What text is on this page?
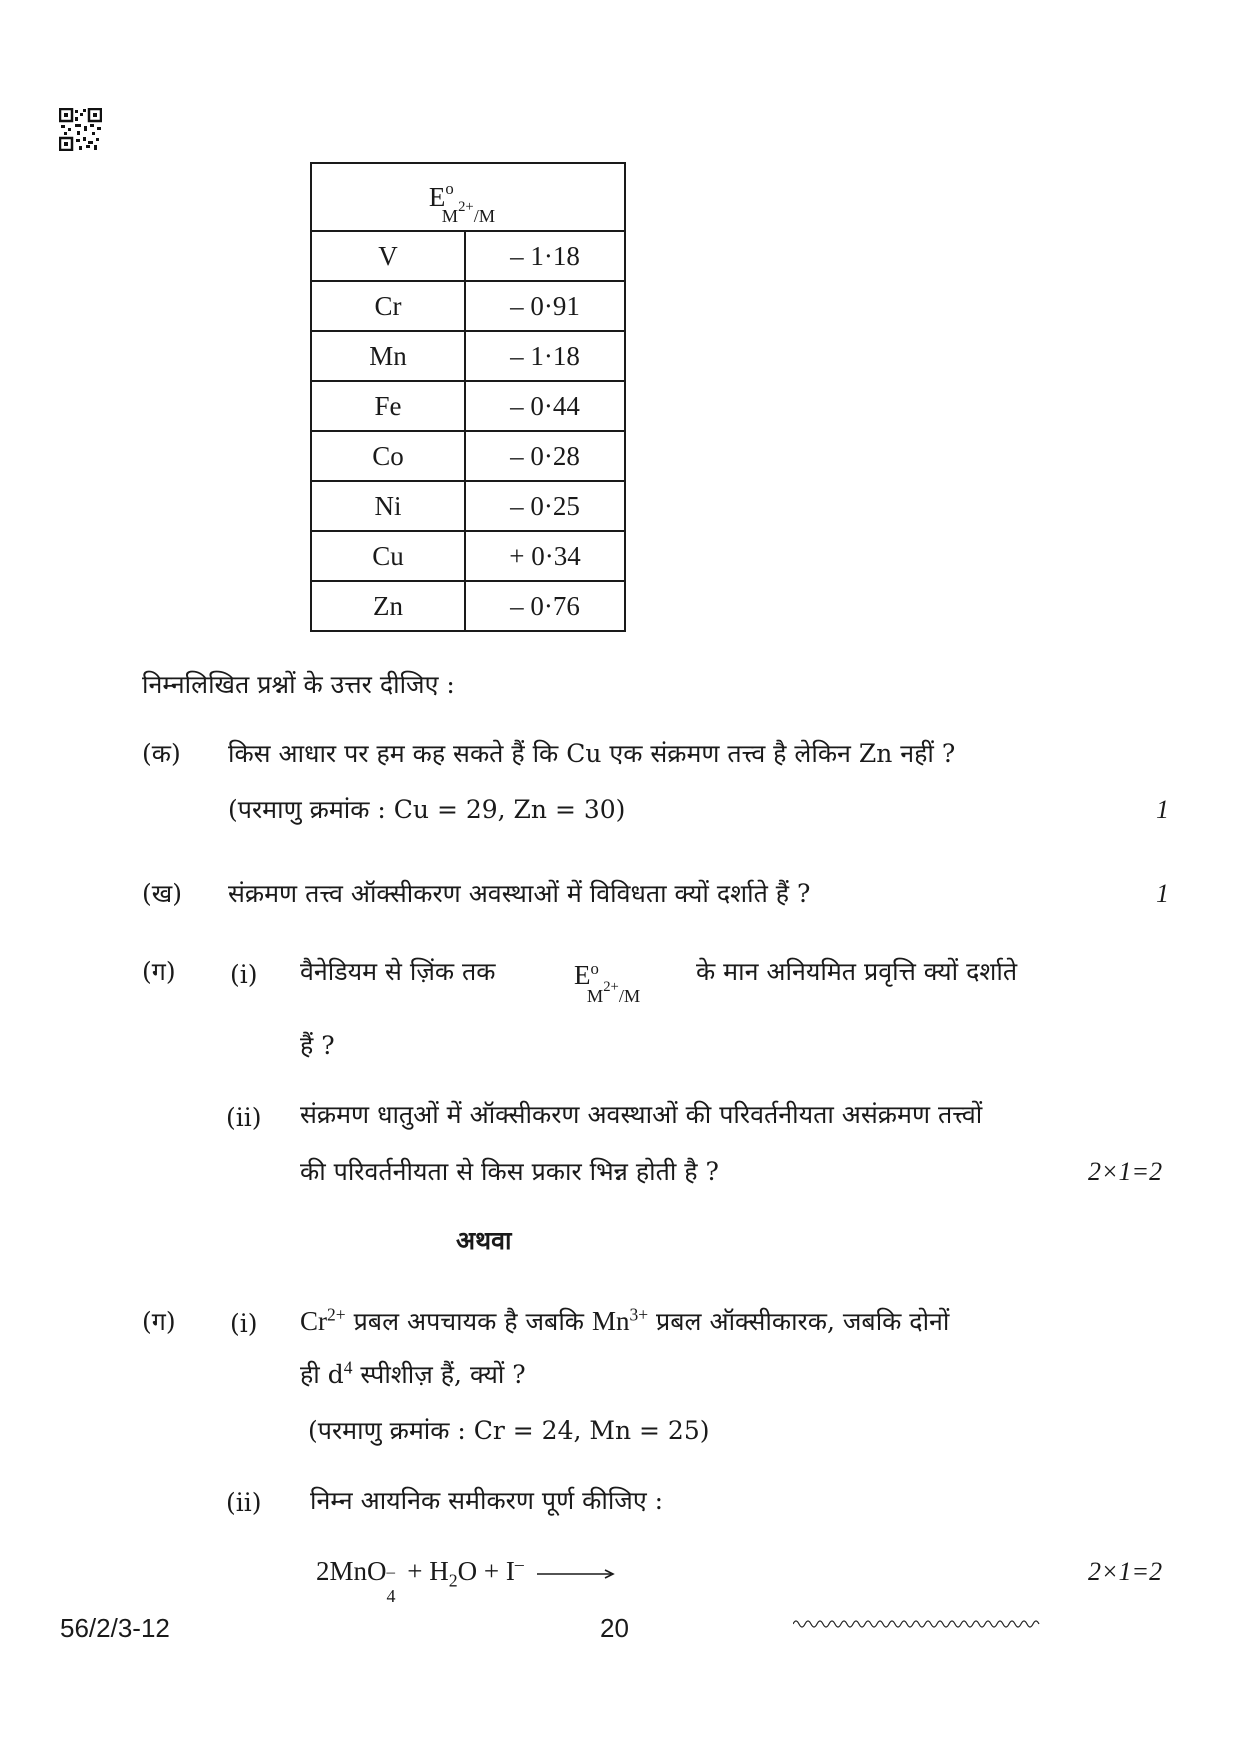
$E^o_{M^{2+}/M}$
V	– 1·18
Cr	– 0·91
Mn	– 1·18
Fe	– 0·44
Co	– 0·28
Ni	– 0·25
Cu	+ 0·34
Zn	– 0·76
निम्नलिखित प्रश्नों के उत्तर दीजिए :
(क) किस आधार पर हम कह सकते हैं कि Cu एक संक्रमण तत्त्व है लेकिन Zn नहीं ?
(परमाणु क्रमांक : Cu = 29, Zn = 30)	1
(ख) संक्रमण तत्त्व ऑक्सीकरण अवस्थाओं में विविधता क्यों दर्शाते हैं ?	1
(ग) (i) वैनेडियम से ज़िंक तक	$E^o_{M^{2+}/M}$
के मान अनियमित प्रवृत्ति क्यों दर्शाते
हैं ?
(ii) संक्रमण धातुओं में ऑक्सीकरण अवस्थाओं की परिवर्तनीयता असंक्रमण तत्त्वों
की परिवर्तनीयता से किस प्रकार भिन्न होती है ?	2×1=2
अथवा
(ग) (i) $Cr^{2+}$ प्रबल अपचायक है जबकि $Mn^{3+}$ प्रबल ऑक्सीकारक, जबकि दोनों
ही $d^4$ स्पीशीज़ हैं, क्यों ?
(परमाणु क्रमांक : Cr = 24, Mn = 25)
(ii) निम्न आयनिक समीकरण पूर्ण कीजिए :
2MnO –
4
+ $H_2O + I^-$ →	2×1=2
56/2/3-12	20
